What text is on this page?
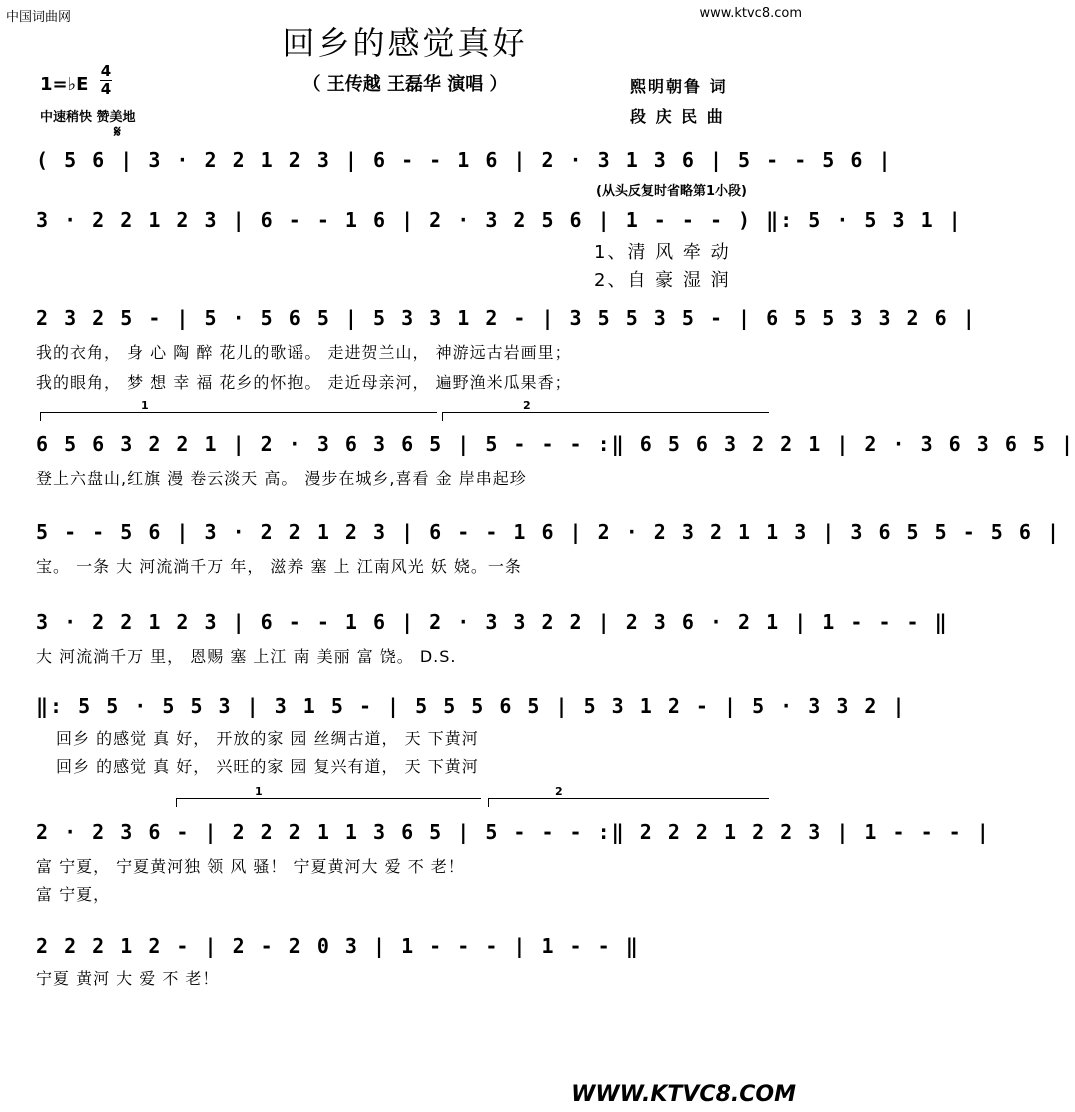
中国词曲网	www.ktvc8.com
回乡的感觉真好
（ 王传越 王磊华 演唱 ）
1=♭E
4
4
中速稍快 赞美地
熙明朝鲁 词
段 庆 民 曲
𝄋
( 5 6 | 3 · 2 2 1 2 3 | 6 - - 1 6 | 2 · 3 1 3 6 | 5 - - 5 6 |
(从头反复时省略第1小段)
3 · 2 2 1 2 3 | 6 - - 1 6 | 2 · 3 2 5 6 | 1 - - - ) ‖: 5 · 5 3 1 |
1、清 风 牵 动
2、自 豪 湿 润
2 3 2 5 - | 5 · 5 6 5 | 5 3 3 1 2 - | 3 5 5 3 5 - | 6 5 5 3 3 2 6 |
我的衣角， 身 心 陶 醉 花儿的歌谣。 走进贺兰山， 神游远古岩画里；
我的眼角， 梦 想 幸 福 花乡的怀抱。 走近母亲河， 遍野渔米瓜果香；
1	2
6 5 6 3 2 2 1 | 2 · 3 6 3 6 5 | 5 - - - :‖ 6 5 6 3 2 2 1 | 2 · 3 6 3 6 5 |
登上六盘山,红旗 漫 卷云淡天 高。 漫步在城乡,喜看 金 岸串起珍
5 - - 5 6 | 3 · 2 2 1 2 3 | 6 - - 1 6 | 2 · 2 3 2 1 1 3 | 3 6 5 5 - 5 6 |
宝。 一条 大 河流淌千万 年， 滋养 塞 上 江南风光 妖 娆。一条
3 · 2 2 1 2 3 | 6 - - 1 6 | 2 · 3 3 2 2 | 2 3 6 · 2 1 | 1 - - - ‖
大 河流淌千万 里， 恩赐 塞 上江 南 美丽 富 饶。 D.S.
‖: 5 5 · 5 5 3 | 3 1 5 - | 5 5 5 6 5 | 5 3 1 2 - | 5 · 3 3 2 |
回乡 的感觉 真 好， 开放的家 园 丝绸古道， 天 下黄河
回乡 的感觉 真 好， 兴旺的家 园 复兴有道， 天 下黄河
1	2
2 · 2 3 6 - | 2 2 2 1 1 3 6 5 | 5 - - - :‖ 2 2 2 1 2 2 3 | 1 - - - |
富 宁夏， 宁夏黄河独 领 风 骚！ 宁夏黄河大 爱 不 老！
富 宁夏，
2 2 2 1 2 - | 2 - 2 0 3 | 1 - - - | 1 - - ‖
宁夏 黄河 大 爱 不 老！
WWW.KTVC8.COM
